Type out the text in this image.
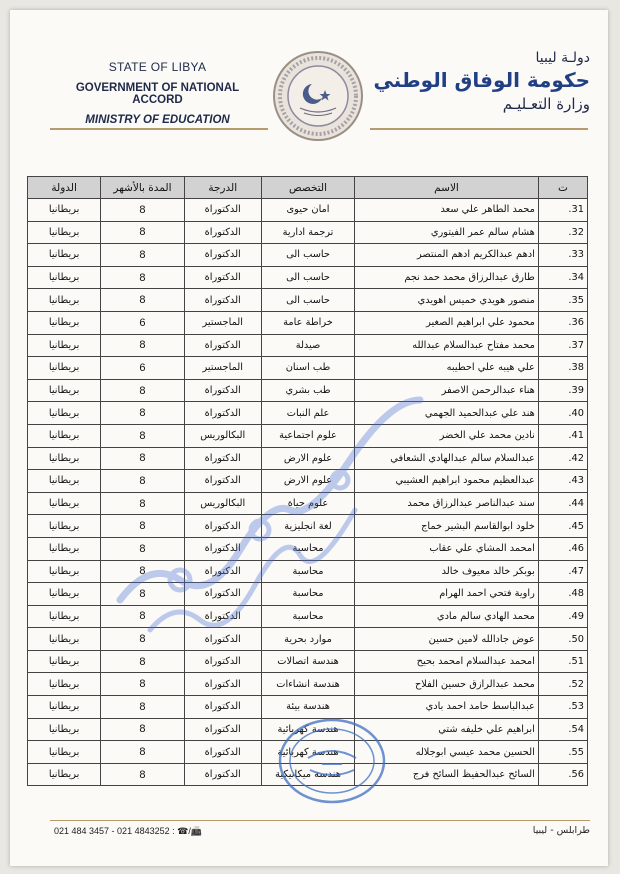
STATE OF LIBYA
GOVERNMENT OF NATIONAL ACCORD
MINISTRY OF EDUCATION
دولـة ليبيا
حكومة الوفاق الوطني
وزارة التعـليـم
021 484 3457 - 021 4843252 : ☎/📠	طرابلس - ليبيا
ت	الاسم	التخصص	الدرجة	المدة بالأشهر	الدولة
31.	محمد الطاهر علي سعد	امان حيوى	الدكتوراة	8	بريطانيا
32.	هشام سالم عمر الفيتوري	ترجمة ادارية	الدكتوراة	8	بريطانيا
33.	ادهم عبدالكريم ادهم المنتصر	حاسب الى	الدكتوراة	8	بريطانيا
34.	طارق عبدالرزاق محمد حمد نجم	حاسب الى	الدكتوراة	8	بريطانيا
35.	منصور هويدي خميس اهويدي	حاسب الى	الدكتوراة	8	بريطانيا
36.	محمود علي ابراهيم الصغير	خراطة عامة	الماجستير	6	بريطانيا
37.	محمد مفتاح عبدالسلام عبدالله	صيدلة	الدكتوراة	8	بريطانيا
38.	علي هيبه علي احطيبه	طب اسنان	الماجستير	6	بريطانيا
39.	هناء عبدالرحمن الاصفر	طب بشري	الدكتوراة	8	بريطانيا
40.	هند علي عبدالحميد الجهمي	علم النبات	الدكتوراة	8	بريطانيا
41.	نادين محمد علي الخضر	علوم اجتماعية	البكالوريس	8	بريطانيا
42.	عبدالسلام سالم عبدالهادي الشعافي	علوم الارض	الدكتوراة	8	بريطانيا
43.	عبدالعظيم محمود ابراهيم العشيبي	علوم الارض	الدكتوراة	8	بريطانيا
44.	سند عبدالناصر عبدالرزاق محمد	علوم حياة	البكالوريس	8	بريطانيا
45.	خلود ابوالقاسم البشير خماج	لغة انجليزية	الدكتوراة	8	بريطانيا
46.	امحمد المشاي علي عقاب	محاسبة	الدكتوراة	8	بريطانيا
47.	بوبكر خالد معيوف خالد	محاسبة	الدكتوراة	8	بريطانيا
48.	راوية فتحي احمد الهرام	محاسبة	الدكتوراة	8	بريطانيا
49.	محمد الهادي سالم مادي	محاسبة	الدكتوراة	8	بريطانيا
50.	عوض جادالله لامين حسين	موارد بحرية	الدكتوراة	8	بريطانيا
51.	امحمد عبدالسلام امحمد بحيح	هندسة اتصالات	الدكتوراة	8	بريطانيا
52.	محمد عبدالرازق حسين الفلاح	هندسة انشاءات	الدكتوراة	8	بريطانيا
53.	عبدالباسط حامد احمد بادي	هندسة بيئة	الدكتوراة	8	بريطانيا
54.	ابراهيم علي خليفه شتي	هندسة كهربائية	الدكتوراة	8	بريطانيا
55.	الحسين محمد عيسي ابوجلاله	هندسة كهربائية	الدكتوراة	8	بريطانيا
56.	السائح عبدالحفيظ السائح فرج	هندسة ميكانيكية	الدكتوراة	8	بريطانيا
